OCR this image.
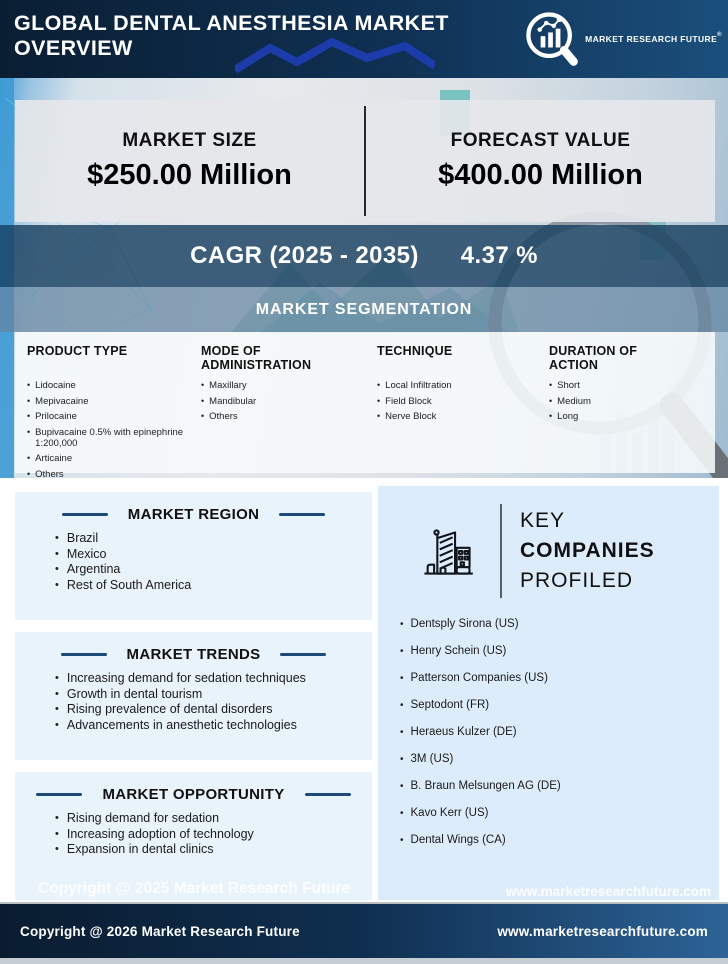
GLOBAL DENTAL ANESTHESIA MARKET
OVERVIEW	MARKET RESEARCH FUTURE®
MARKET SIZE
$250.00 Million
FORECAST VALUE
$400.00 Million
CAGR (2025 - 2035) 4.37 %
MARKET SEGMENTATION
PRODUCT TYPE
• Lidocaine
• Mepivacaine
• Prilocaine
• Bupivacaine 0.5% with epinephrine 1:200,000
• Articaine
• Others
MODE OF ADMINISTRATION
• Maxillary
• Mandibular
• Others
TECHNIQUE
• Local Infiltration
• Field Block
• Nerve Block
DURATION OF ACTION
• Short
• Medium
• Long
MARKET REGION
• Brazil
• Mexico
• Argentina
• Rest of South America
MARKET TRENDS
• Increasing demand for sedation techniques
• Growth in dental tourism
• Rising prevalence of dental disorders
• Advancements in anesthetic technologies
MARKET OPPORTUNITY
• Rising demand for sedation
• Increasing adoption of technology
• Expansion in dental clinics
KEY
COMPANIES
PROFILED
• Dentsply Sirona (US)
• Henry Schein (US)
• Patterson Companies (US)
• Septodont (FR)
• Heraeus Kulzer (DE)
• 3M (US)
• B. Braun Melsungen AG (DE)
• Kavo Kerr (US)
• Dental Wings (CA)
Copyright @ 2025 Market Research Future	www.marketresearchfuture.com
Copyright @ 2026 Market Research Future	www.marketresearchfuture.com
